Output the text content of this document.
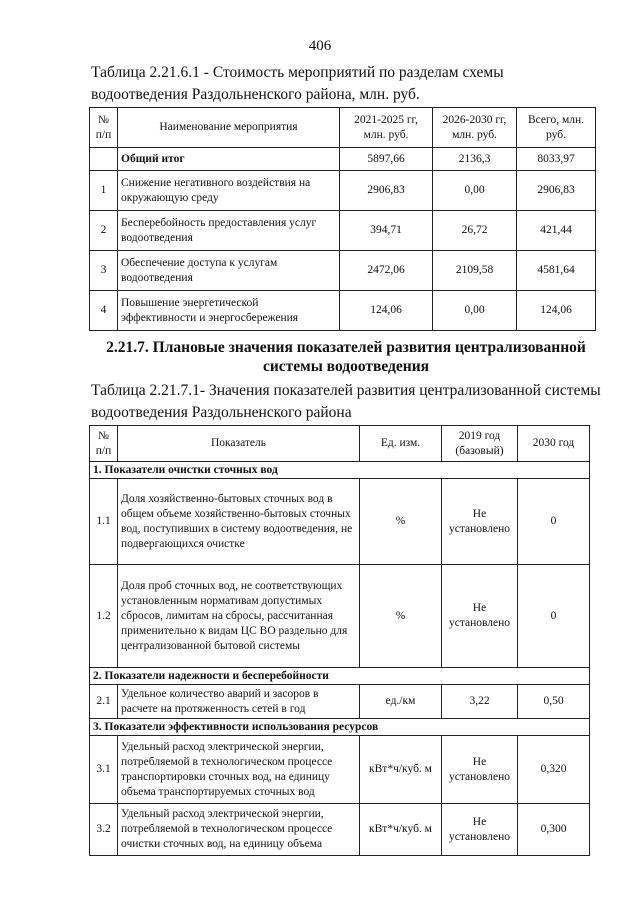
406
Таблица 2.21.6.1 - Стоимость мероприятий по разделам схемы водоотведения Раздольненского района, млн. руб.
№ п/п	Наименование мероприятия	2021-2025 гг, млн. руб.	2026-2030 гг, млн. руб.	Всего, млн. руб.
	Общий итог	5897,66	2136,3	8033,97
1	Снижение негативного воздействия на окружающую среду	2906,83	0,00	2906,83
2	Бесперебойность предоставления услуг водоотведения	394,71	26,72	421,44
3	Обеспечение доступа к услугам водоотведения	2472,06	2109,58	4581,64
4	Повышение энергетической эффективности и энергосбережения	124,06	0,00	124,06
2.21.7. Плановые значения показателей развития централизованной системы водоотведения
Таблица 2.21.7.1- Значения показателей развития централизованной системы водоотведения Раздольненского района
№ п/п	Показатель	Ед. изм.	2019 год (базовый)	2030 год
1. Показатели очистки сточных вод				
1.1	Доля хозяйственно-бытовых сточных вод в общем объеме хозяйственно-бытовых сточных вод, поступивших в систему водоотведения, не подвергающихся очистке	%	Не установлено	0
1.2	Доля проб сточных вод, не соответствующих установленным нормативам допустимых сбросов, лимитам на сбросы, рассчитанная применительно к видам ЦС ВО раздельно для централизованной бытовой системы	%	Не установлено	0
2. Показатели надежности и бесперебойности				
2.1	Удельное количество аварий и засоров в расчете на протяженность сетей в год	ед./км	3,22	0,50
3. Показатели эффективности использования ресурсов				
3.1	Удельный расход электрической энергии, потребляемой в технологическом процессе транспортировки сточных вод, на единицу объема транспортируемых сточных вод	кВт*ч/куб. м	Не установлено	0,320
3.2	Удельный расход электрической энергии, потребляемой в технологическом процессе очистки сточных вод, на единицу объема	кВт*ч/куб. м	Не установлено	0,300
